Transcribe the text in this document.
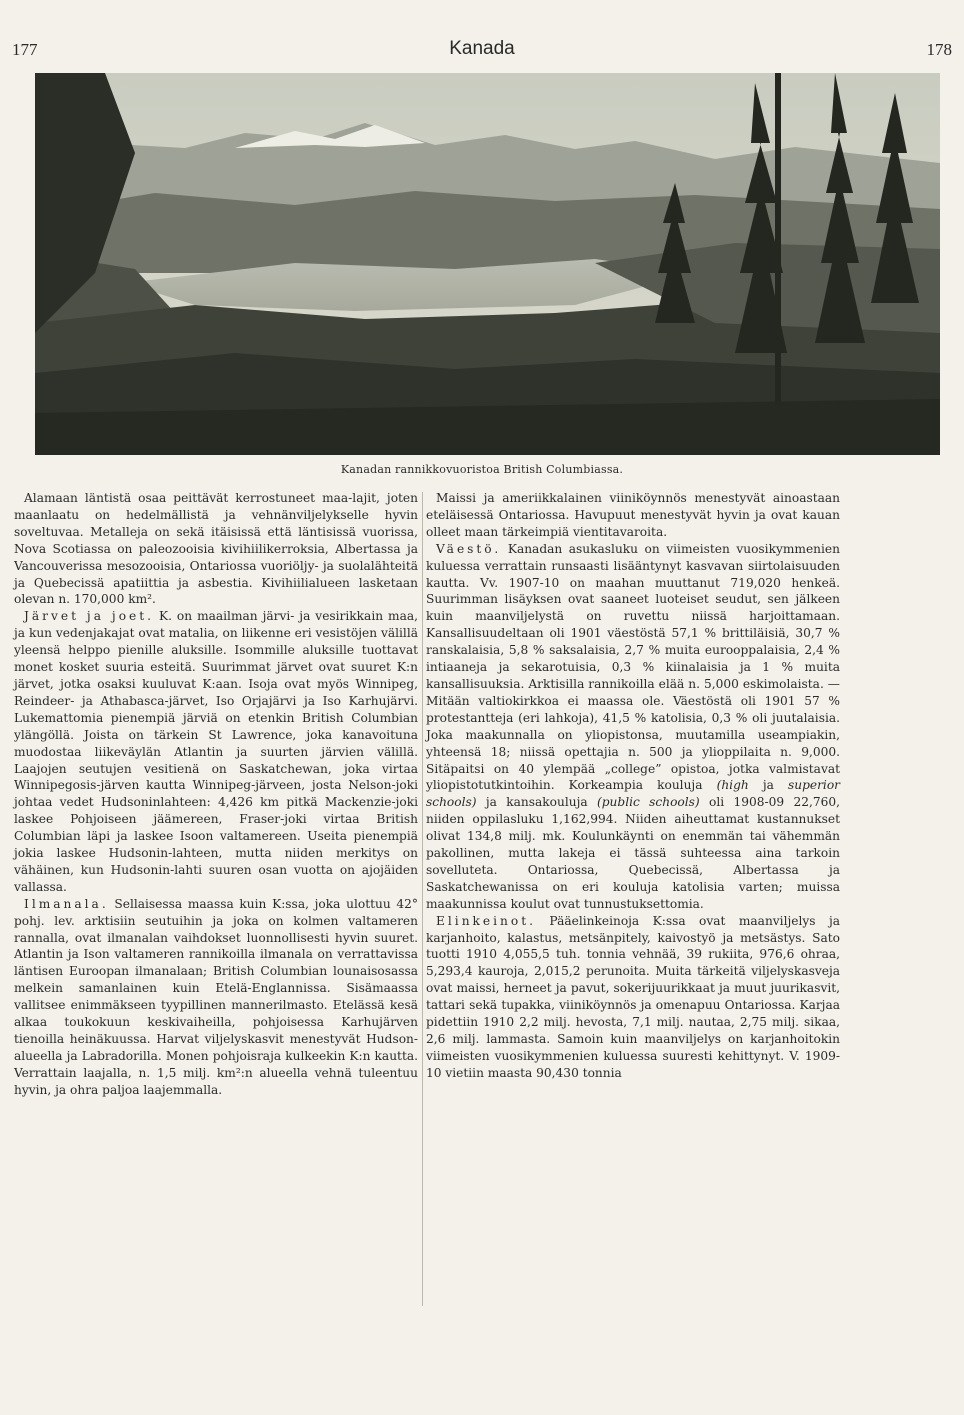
177	Kanada	178
Kanadan rannikkovuoristoa British Columbiassa.

Alamaan läntistä osaa peittävät kerrostuneet maa-lajit, joten maanlaatu on hedelmällistä ja vehnänviljelykselle hyvin soveltuvaa. Metalleja on sekä itäisissä että läntisissä vuorissa, Nova Scotiassa on paleozooisia kivihiilikerroksia, Albertassa ja Vancouverissa mesozooisia, Ontariossa vuoriöljy- ja suolalähteitä ja Quebecissä apatiittia ja asbestia. Kivihiilialueen lasketaan olevan n. 170,000 km².

Järvet ja joet. K. on maailman järvi- ja vesirikkain maa, ja kun vedenjakajat ovat matalia, on liikenne eri vesistöjen välillä yleensä helppo pienille aluksille. Isommille aluksille tuottavat monet kosket suuria esteitä. Suurimmat järvet ovat suuret K:n järvet, jotka osaksi kuuluvat K:aan. Isoja ovat myös Winnipeg, Reindeer- ja Athabasca-järvet, Iso Orjajärvi ja Iso Karhujärvi. Lukemattomia pienempiä järviä on etenkin British Columbian ylängöllä. Joista on tärkein St Lawrence, joka kanavoituna muodostaa liikeväylän Atlantin ja suurten järvien välillä. Laajojen seutujen vesitienä on Saskatchewan, joka virtaa Winnipegosis-järven kautta Winnipeg-järveen, josta Nelson-joki johtaa vedet Hudsoninlahteen: 4,426 km pitkä Mackenzie-joki laskee Pohjoiseen jäämereen, Fraser-joki virtaa British Columbian läpi ja laskee Isoon valtamereen. Useita pienempiä jokia laskee Hudsonin-lahteen, mutta niiden merkitys on vähäinen, kun Hudsonin-lahti suuren osan vuotta on ajojäiden vallassa.

Ilmanala. Sellaisessa maassa kuin K:ssa, joka ulottuu 42° pohj. lev. arktisiin seutuihin ja joka on kolmen valtameren rannalla, ovat ilmanalan vaihdokset luonnollisesti hyvin suuret. Atlantin ja Ison valtameren rannikoilla ilmanala on verrattavissa läntisen Euroopan ilmanalaan; British Columbian lounaisosassa melkein samanlainen kuin Etelä-Englannissa. Sisämaassa vallitsee enimmäkseen tyypillinen mannerilmasto. Etelässä kesä alkaa toukokuun keskivaiheilla, pohjoisessa Karhujärven tienoilla heinäkuussa. Harvat viljelyskasvit menestyvät Hudson-alueella ja Labradorilla. Monen pohjoisraja kulkeekin K:n kautta. Verrattain laajalla, n. 1,5 milj. km²:n alueella vehnä tuleentuu hyvin, ja ohra paljoa laajemmalla.

Maissi ja ameriikkalainen viiniköynnös menestyvät ainoastaan eteläisessä Ontariossa. Havupuut menestyvät hyvin ja ovat kauan olleet maan tärkeimpiä vientitavaroita.

Väestö. Kanadan asukasluku on viimeisten vuosikymmenien kuluessa verrattain runsaasti lisääntynyt kasvavan siirtolaisuuden kautta. Vv. 1907-10 on maahan muuttanut 719,020 henkeä. Suurimman lisäyksen ovat saaneet luoteiset seudut, sen jälkeen kuin maanviljelystä on ruvettu niissä harjoittamaan. Kansallisuudeltaan oli 1901 väestöstä 57,1 % brittiläisiä, 30,7 % ranskalaisia, 5,8 % saksalaisia, 2,7 % muita eurooppalaisia, 2,4 % intiaaneja ja sekarotuisia, 0,3 % kiinalaisia ja 1 % muita kansallisuuksia. Arktisilla rannikoilla elää n. 5,000 eskimolaista. — Mitään valtiokirkkoa ei maassa ole. Väestöstä oli 1901 57 % protestantteja (eri lahkoja), 41,5 % katolisia, 0,3 % oli juutalaisia. Joka maakunnalla on yliopistonsa, muutamilla useampiakin, yhteensä 18; niissä opettajia n. 500 ja ylioppilaita n. 9,000. Sitäpaitsi on 40 ylempää „college” opistoa, jotka valmistavat yliopistotutkintoihin. Korkeampia kouluja (high ja superior schools) ja kansakouluja (public schools) oli 1908-09 22,760, niiden oppilasluku 1,162,994. Niiden aiheuttamat kustannukset olivat 134,8 milj. mk. Koulunkäynti on enemmän tai vähemmän pakollinen, mutta lakeja ei tässä suhteessa aina tarkoin sovelluteta. Ontariossa, Quebecissä, Albertassa ja Saskatchewanissa on eri kouluja katolisia varten; muissa maakunnissa koulut ovat tunnustuksettomia.

Elinkeinot. Pääelinkeinoja K:ssa ovat maanviljelys ja karjanhoito, kalastus, metsänpitely, kaivostyö ja metsästys. Sato tuotti 1910 4,055,5 tuh. tonnia vehnää, 39 rukiita, 976,6 ohraa, 5,293,4 kauroja, 2,015,2 perunoita. Muita tärkeitä viljelyskasveja ovat maissi, herneet ja pavut, sokerijuurikkaat ja muut juurikasvit, tattari sekä tupakka, viiniköynnös ja omenapuu Ontariossa. Karjaa pidettiin 1910 2,2 milj. hevosta, 7,1 milj. nautaa, 2,75 milj. sikaa, 2,6 milj. lammasta. Samoin kuin maanviljelys on karjanhoitokin viimeisten vuosikymmenien kuluessa suuresti kehittynyt. V. 1909-10 vietiin maasta 90,430 tonnia
